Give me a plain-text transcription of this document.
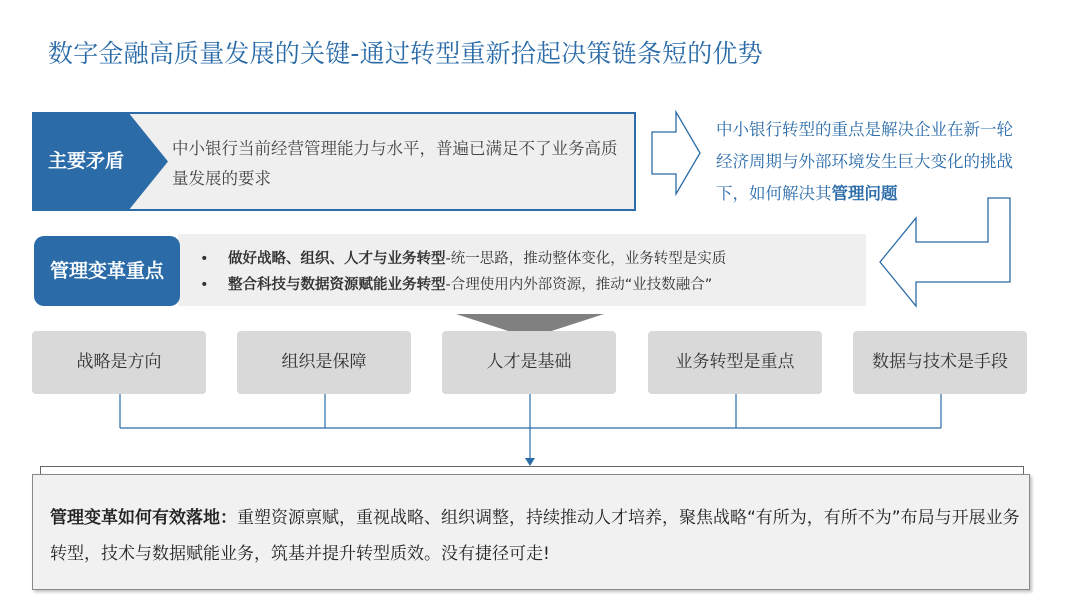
数字金融高质量发展的关键-通过转型重新拾起决策链条短的优势
主要矛盾
中小银行当前经营管理能力与水平，普遍已满足不了业务高质量发展的要求
中小银行转型的重点是解决企业在新一轮经济周期与外部环境发生巨大变化的挑战下，如何解决其管理问题
管理变革重点
• 做好战略、组织、人才与业务转型-统一思路，推动整体变化，业务转型是实质
• 整合科技与数据资源赋能业务转型-合理使用内外部资源，推动“业技数融合”
战略是方向	组织是保障	人才是基础	业务转型是重点	数据与技术是手段
管理变革如何有效落地：重塑资源禀赋，重视战略、组织调整，持续推动人才培养，聚焦战略“有所为，有所不为”布局与开展业务转型，技术与数据赋能业务，筑基并提升转型质效。没有捷径可走!
